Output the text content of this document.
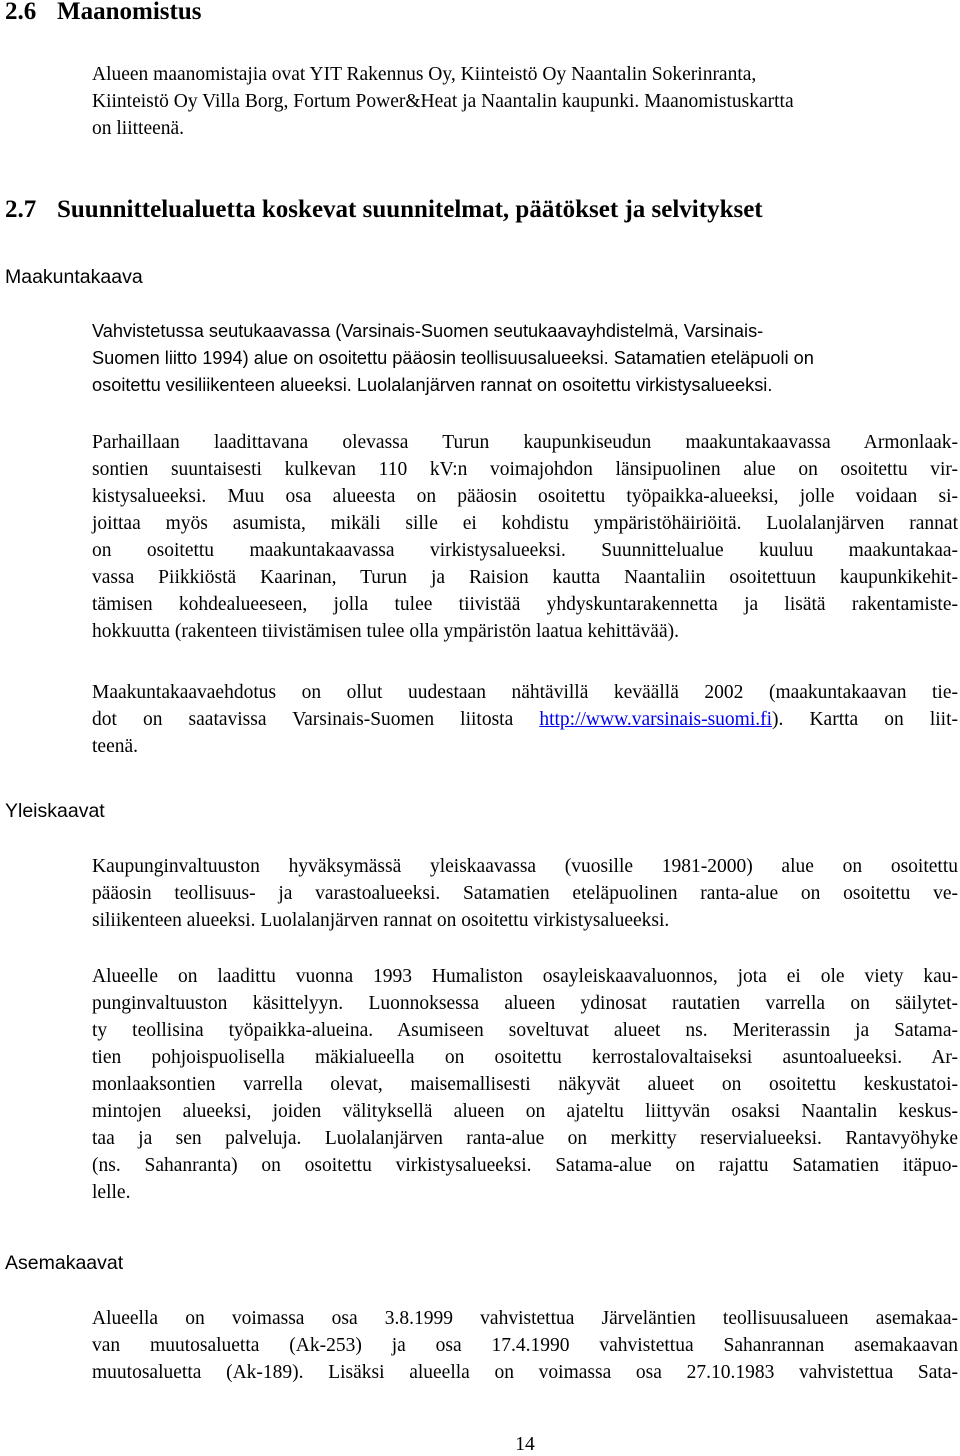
2.6 Maanomistus

Alueen maanomistajia ovat YIT Rakennus Oy, Kiinteistö Oy Naantalin Sokerinranta,
Kiinteistö Oy Villa Borg, Fortum Power&Heat ja Naantalin kaupunki. Maanomistuskartta
on liitteenä.

2.7 Suunnittelualuetta koskevat suunnitelmat, päätökset ja selvitykset
Maakuntakaava

Vahvistetussa seutukaavassa (Varsinais-Suomen seutukaavayhdistelmä, Varsinais-
Suomen liitto 1994) alue on osoitettu pääosin teollisuusalueeksi. Satamatien eteläpuoli on
osoitettu vesiliikenteen alueeksi. Luolalanjärven rannat on osoitettu virkistysalueeksi.

Parhaillaan laadittavana olevassa Turun kaupunkiseudun maakuntakaavassa Armonlaak-
sontien suuntaisesti kulkevan 110 kV:n voimajohdon länsipuolinen alue on osoitettu vir-
kistysalueeksi. Muu osa alueesta on pääosin osoitettu työpaikka-alueeksi, jolle voidaan si-
joittaa myös asumista, mikäli sille ei kohdistu ympäristöhäiriöitä. Luolalanjärven rannat
on osoitettu maakuntakaavassa virkistysalueeksi. Suunnittelualue kuuluu maakuntakaa-
vassa Piikkiöstä Kaarinan, Turun ja Raision kautta Naantaliin osoitettuun kaupunkikehit-
tämisen kohdealueeseen, jolla tulee tiivistää yhdyskuntarakennetta ja lisätä rakentamiste-
hokkuutta (rakenteen tiivistämisen tulee olla ympäristön laatua kehittävää).

Maakuntakaavaehdotus on ollut uudestaan nähtävillä keväällä 2002 (maakuntakaavan tie-
dot on saatavissa Varsinais-Suomen liitosta http://www.varsinais-suomi.fi). Kartta on liit-
teenä.

Yleiskaavat

Kaupunginvaltuuston hyväksymässä yleiskaavassa (vuosille 1981-2000) alue on osoitettu
pääosin teollisuus- ja varastoalueeksi. Satamatien eteläpuolinen ranta-alue on osoitettu ve-
siliikenteen alueeksi. Luolalanjärven rannat on osoitettu virkistysalueeksi.

Alueelle on laadittu vuonna 1993 Humaliston osayleiskaavaluonnos, jota ei ole viety kau-
punginvaltuuston käsittelyyn. Luonnoksessa alueen ydinosat rautatien varrella on säilytet-
ty teollisina työpaikka-alueina. Asumiseen soveltuvat alueet ns. Meriterassin ja Satama-
tien pohjoispuolisella mäkialueella on osoitettu kerrostalovaltaiseksi asuntoalueeksi. Ar-
monlaaksontien varrella olevat, maisemallisesti näkyvät alueet on osoitettu keskustatoi-
mintojen alueeksi, joiden välityksellä alueen on ajateltu liittyvän osaksi Naantalin keskus-
taa ja sen palveluja. Luolalanjärven ranta-alue on merkitty reservialueeksi. Rantavyöhyke
(ns. Sahanranta) on osoitettu virkistysalueeksi. Satama-alue on rajattu Satamatien itäpuo-
lelle.

Asemakaavat

Alueella on voimassa osa 3.8.1999 vahvistettua Järveläntien teollisuusalueen asemakaa-
van muutosaluetta (Ak-253) ja osa 17.4.1990 vahvistettua Sahanrannan asemakaavan
muutosaluetta (Ak-189). Lisäksi alueella on voimassa osa 27.10.1983 vahvistettua Sata-

14
